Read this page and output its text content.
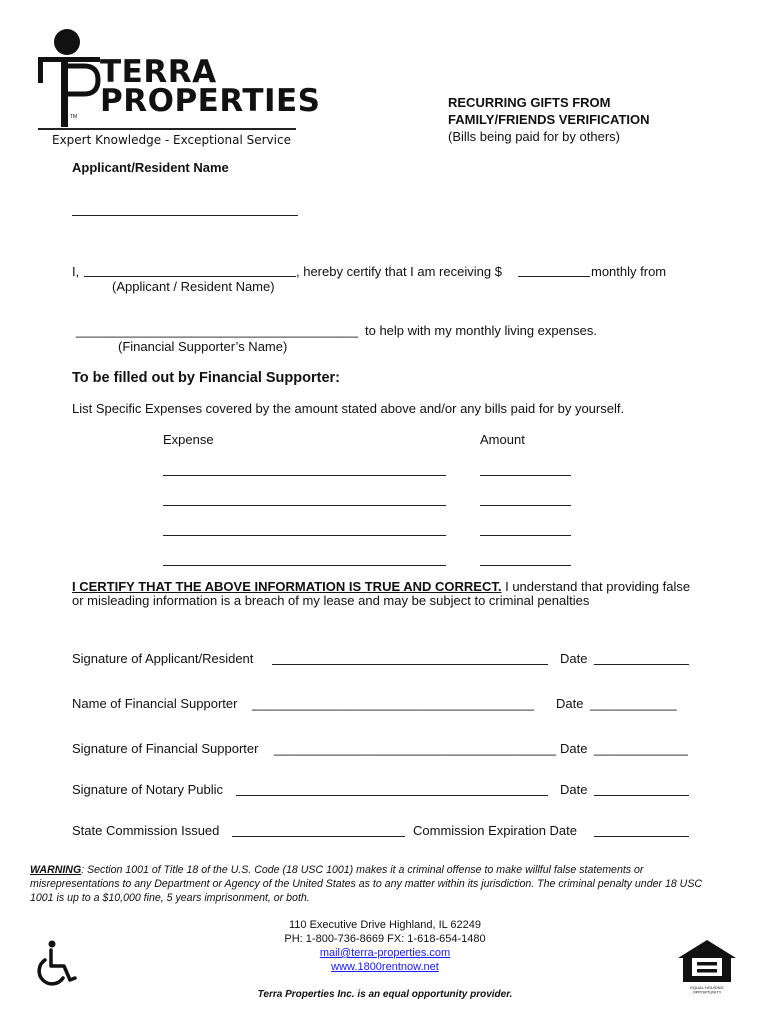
TERRA
PROPERTIES
TM
Expert Knowledge - Exceptional Service
RECURRING GIFTS FROM
FAMILY/FRIENDS VERIFICATION
(Bills being paid for by others)
Applicant/Resident Name
I,	, hereby certify that I am receiving $	monthly from
(Applicant / Resident Name)
_______________________________________ to help with my monthly living expenses.
(Financial Supporter’s Name)
To be filled out by Financial Supporter:
List Specific Expenses covered by the amount stated above and/or any bills paid for by yourself.
Expense	Amount
I CERTIFY THAT THE ABOVE INFORMATION IS TRUE AND CORRECT. I understand that providing false or misleading information is a breach of my lease and may be subject to criminal penalties
Signature of Applicant/Resident	Date
Name of Financial Supporter _______________________________________ Date ____________
Signature of Financial Supporter _______________________________________ Date _____________
Signature of Notary Public	Date
State Commission Issued	Commission Expiration Date
WARNING: Section 1001 of Title 18 of the U.S. Code (18 USC 1001) makes it a criminal offense to make willful false statements or misrepresentations to any Department or Agency of the United States as to any matter within its jurisdiction. The criminal penalty under 18 USC 1001 is up to a $10,000 fine, 5 years imprisonment, or both.
110 Executive Drive Highland, IL 62249
PH: 1-800-736-8669 FX: 1-618-654-1480
mail@terra-properties.com
www.1800rentnow.net
Terra Properties Inc. is an equal opportunity provider.
EQUAL HOUSING
OPPORTUNITY
